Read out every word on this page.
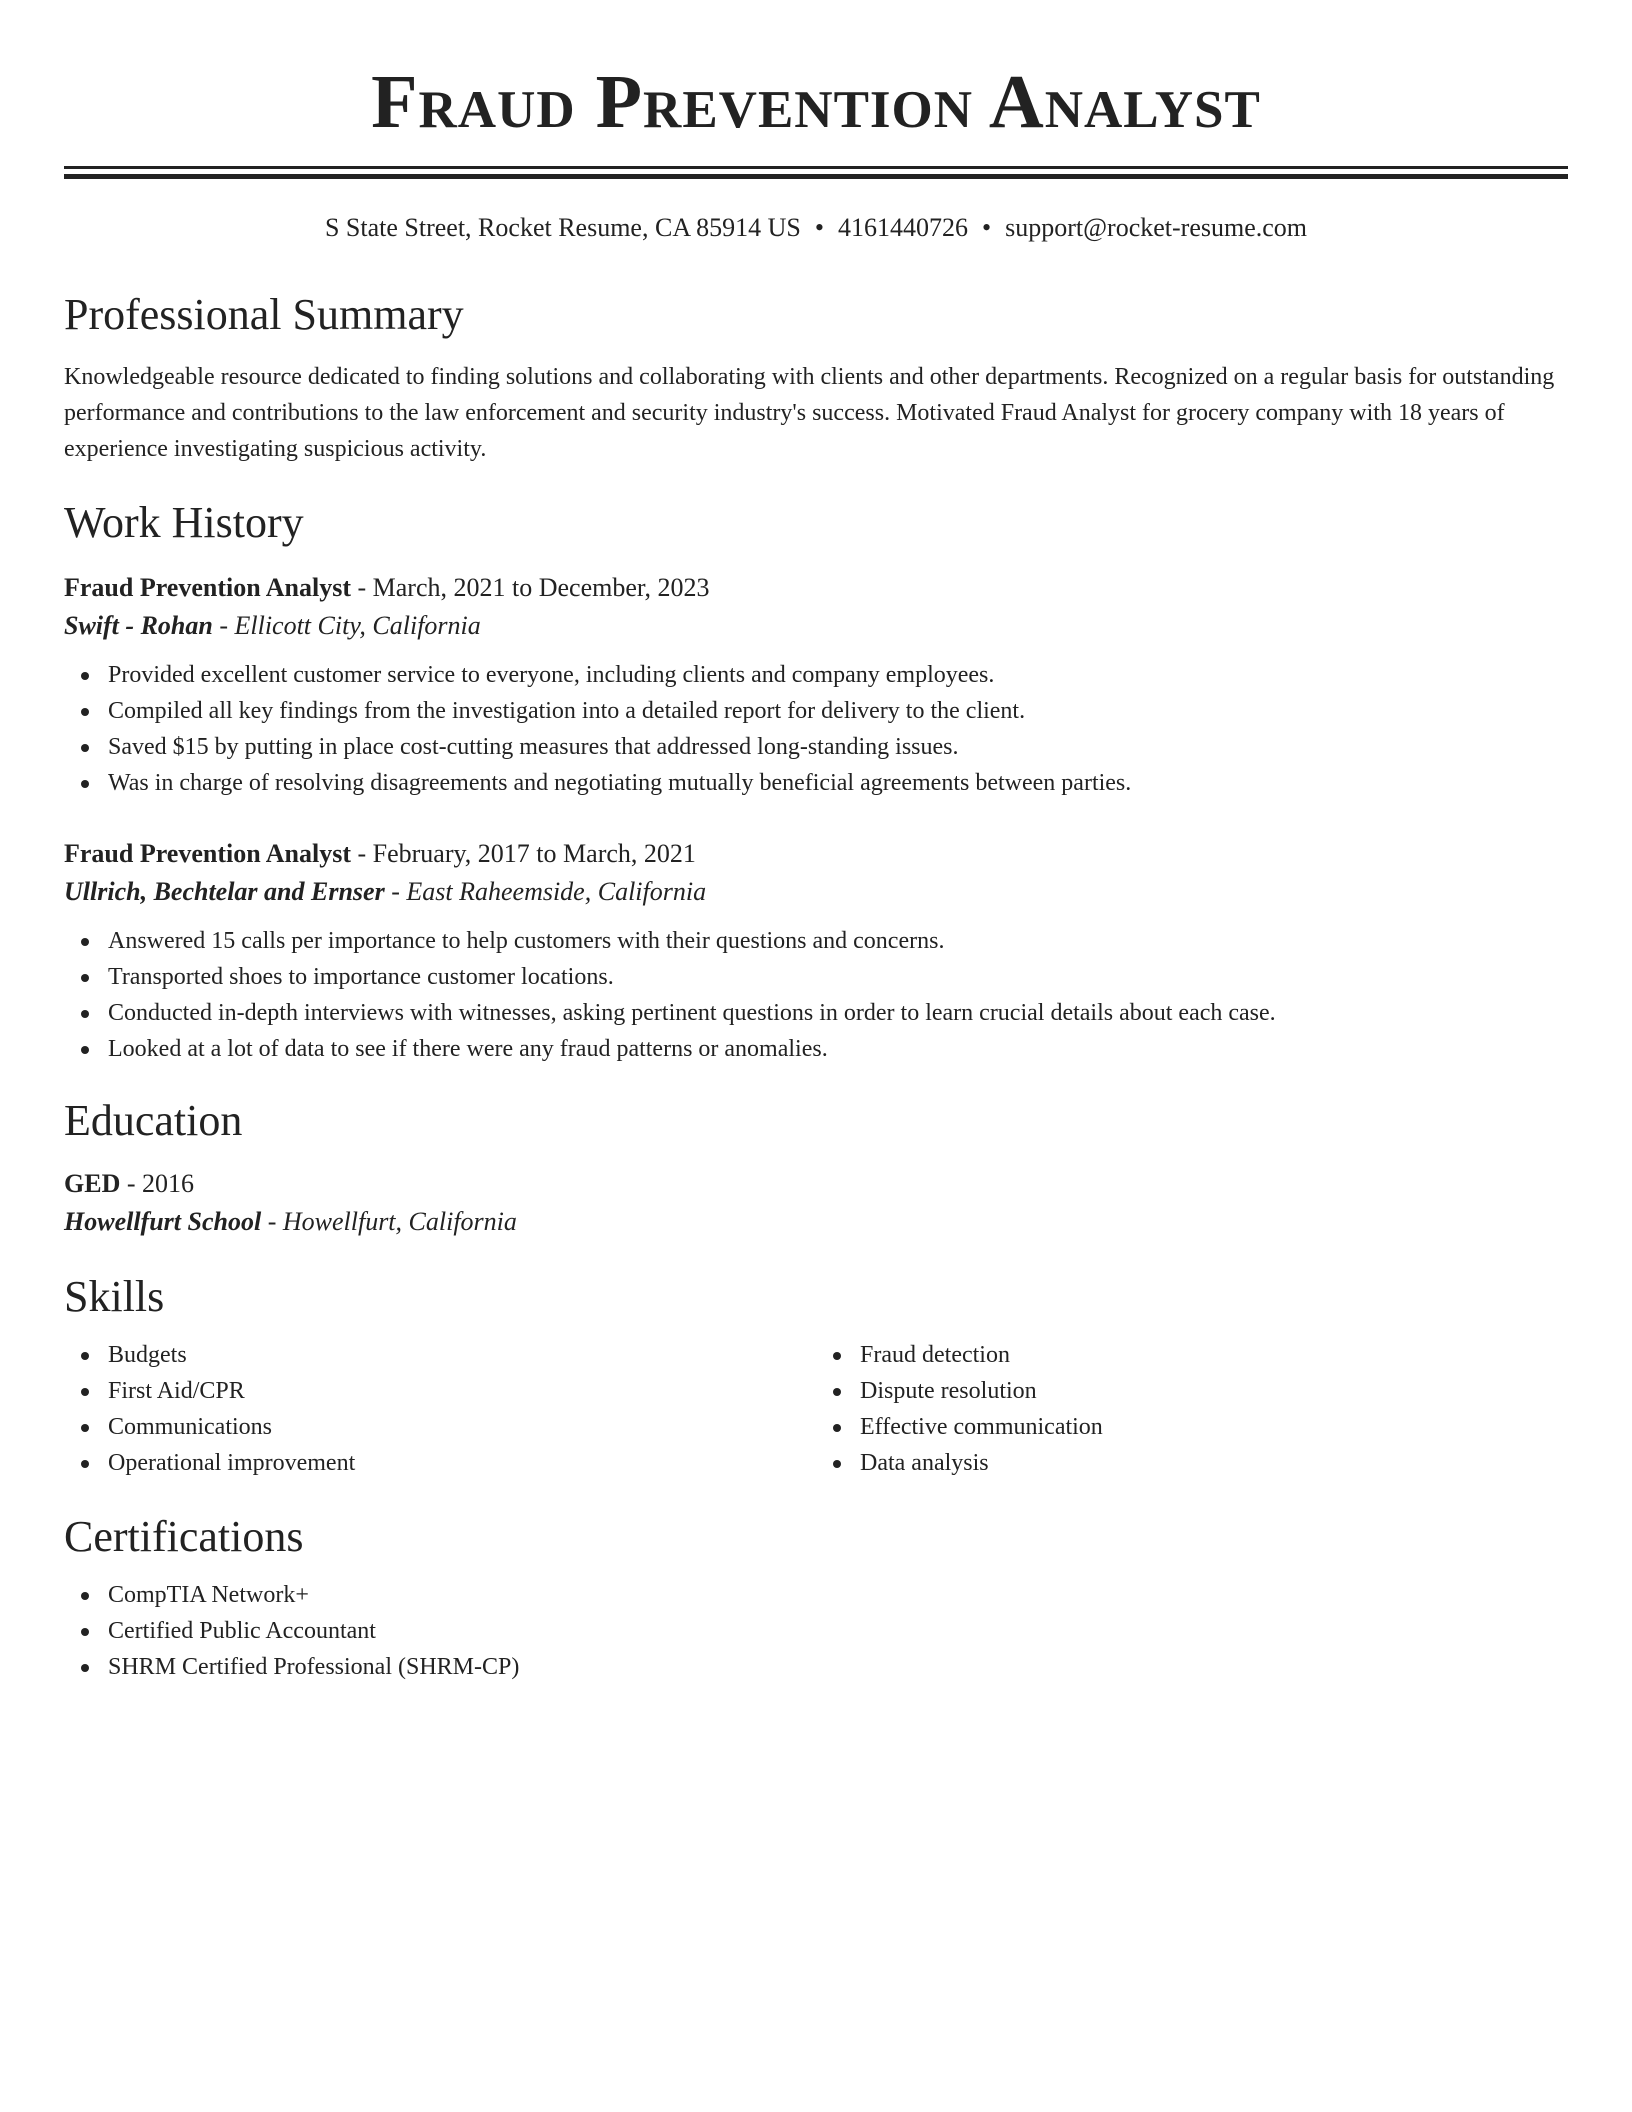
Fraud Prevention Analyst
S State Street, Rocket Resume, CA 85914 US • 4161440726 • support@rocket-resume.com
Professional Summary

Knowledgeable resource dedicated to finding solutions and collaborating with clients and other departments. Recognized on a regular basis for outstanding performance and contributions to the law enforcement and security industry's success. Motivated Fraud Analyst for grocery company with 18 years of experience investigating suspicious activity.

Work History
Fraud Prevention Analyst - March, 2021 to December, 2023
Swift - Rohan - Ellicott City, California
Provided excellent customer service to everyone, including clients and company employees.
Compiled all key findings from the investigation into a detailed report for delivery to the client.
Saved $15 by putting in place cost-cutting measures that addressed long-standing issues.
Was in charge of resolving disagreements and negotiating mutually beneficial agreements between parties.
Fraud Prevention Analyst - February, 2017 to March, 2021
Ullrich, Bechtelar and Ernser - East Raheemside, California
Answered 15 calls per importance to help customers with their questions and concerns.
Transported shoes to importance customer locations.
Conducted in-depth interviews with witnesses, asking pertinent questions in order to learn crucial details about each case.
Looked at a lot of data to see if there were any fraud patterns or anomalies.
Education
GED - 2016
Howellfurt School - Howellfurt, California
Skills
Budgets
First Aid/CPR
Communications
Operational improvement
Fraud detection
Dispute resolution
Effective communication
Data analysis
Certifications
CompTIA Network+
Certified Public Accountant
SHRM Certified Professional (SHRM-CP)
